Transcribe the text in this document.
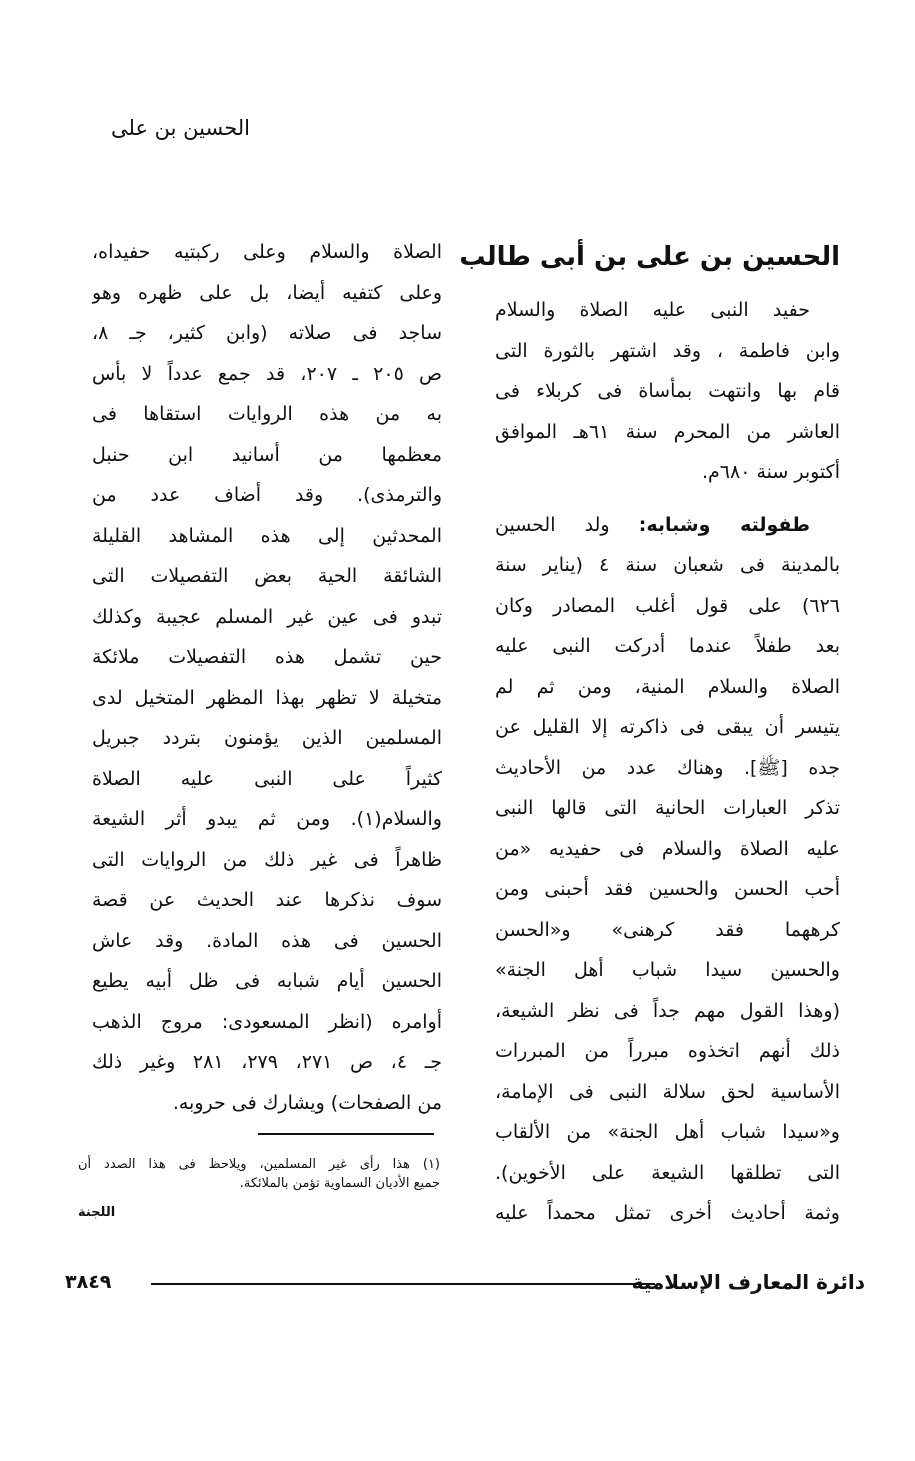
الحسين بن على
الحسين بن على بن أبى طالب
حفيد النبى عليه الصلاة والسلام
وابن فاطمة ، وقد اشتهر بالثورة التى
قام بها وانتهت بمأساة فى كربلاء فى
العاشر من المحرم سنة ٦١هـ الموافق
أكتوبر سنة ٦٨٠م.
طفولته وشبابه: ولد الحسين
بالمدينة فى شعبان سنة ٤ (يناير سنة
٦٢٦) على قول أغلب المصادر وكان
بعد طفلاً عندما أدركت النبى عليه
الصلاة والسلام المنية، ومن ثم لم
يتيسر أن يبقى فى ذاكرته إلا القليل عن
جده [ﷺ]. وهناك عدد من الأحاديث
تذكر العبارات الحانية التى قالها النبى
عليه الصلاة والسلام فى حفيديه «من
أحب الحسن والحسين فقد أحبنى ومن
كرههما فقد كرهنى» و«الحسن
والحسين سيدا شباب أهل الجنة»
(وهذا القول مهم جداً فى نظر الشيعة،
ذلك أنهم اتخذوه مبرراً من المبررات
الأساسية لحق سلالة النبى فى الإمامة،
و«سيدا شباب أهل الجنة» من الألقاب
التى تطلقها الشيعة على الأخوين).
وثمة أحاديث أخرى تمثل محمداً عليه
الصلاة والسلام وعلى ركبتيه حفيداه،
وعلى كتفيه أيضا، بل على ظهره وهو
ساجد فى صلاته (وابن كثير، جـ ٨،
ص ٢٠٥ ـ ٢٠٧، قد جمع عدداً لا بأس
به من هذه الروايات استقاها فى
معظمها من أسانيد ابن حنبل
والترمذى). وقد أضاف عدد من
المحدثين إلى هذه المشاهد القليلة
الشائقة الحية بعض التفصيلات التى
تبدو فى عين غير المسلم عجيبة وكذلك
حين تشمل هذه التفصيلات ملائكة
متخيلة لا تظهر بهذا المظهر المتخيل لدى
المسلمين الذين يؤمنون بتردد جبريل
كثيراً على النبى عليه الصلاة
والسلام(١). ومن ثم يبدو أثر الشيعة
ظاهراً فى غير ذلك من الروايات التى
سوف نذكرها عند الحديث عن قصة
الحسين فى هذه المادة. وقد عاش
الحسين أيام شبابه فى ظل أبيه يطيع
أوامره (انظر المسعودى: مروج الذهب
جـ ٤، ص ٢٧١، ٢٧٩، ٢٨١ وغير ذلك
من الصفحات) ويشارك فى حروبه.
(١) هذا رأى غير المسلمين، ويلاحظ فى هذا الصدد أن
جميع الأديان السماوية تؤمن بالملائكة.
اللجنة
دائرة المعارف الإسلامية
٣٨٤٩
